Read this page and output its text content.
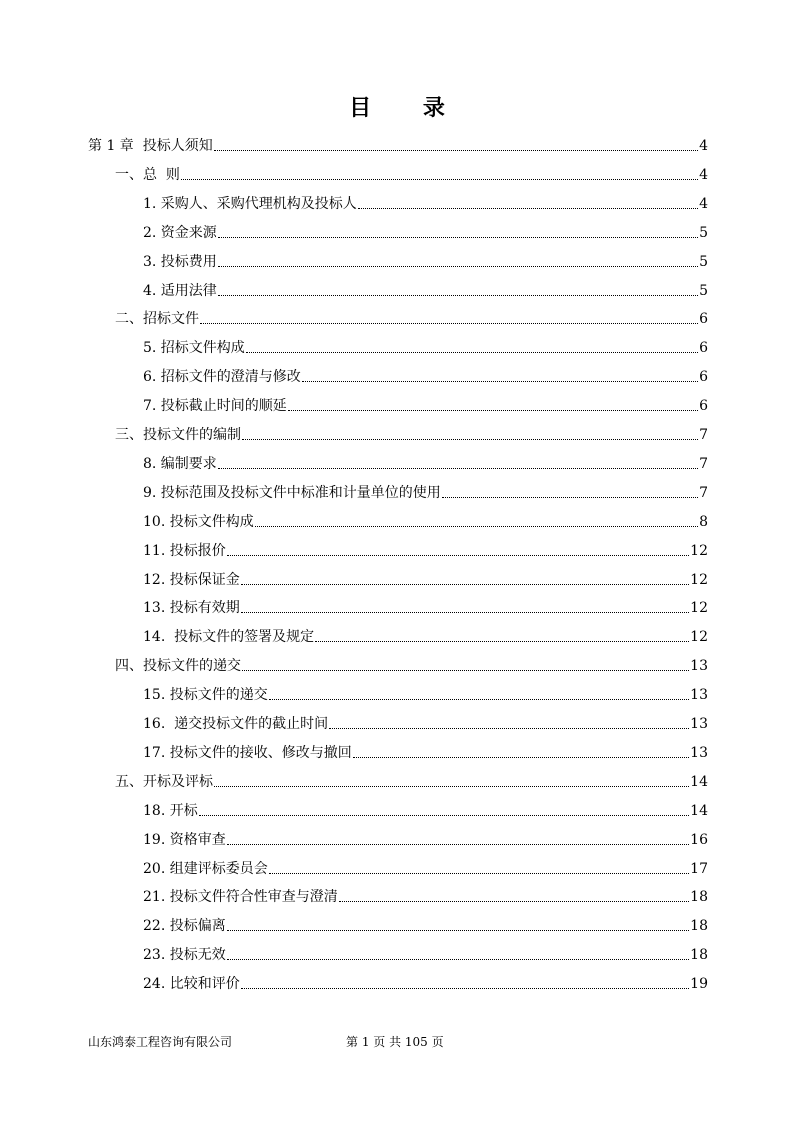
目 录
第 1 章  投标人须知	4
一、总  则	4
1. 采购人、采购代理机构及投标人	4
2. 资金来源	5
3. 投标费用	5
4. 适用法律	5
二、招标文件	6
5. 招标文件构成	6
6. 招标文件的澄清与修改	6
7. 投标截止时间的顺延	6
三、投标文件的编制	7
8. 编制要求	7
9. 投标范围及投标文件中标准和计量单位的使用	7
10. 投标文件构成	8
11. 投标报价	12
12. 投标保证金	12
13. 投标有效期	12
14.  投标文件的签署及规定	12
四、投标文件的递交	13
15. 投标文件的递交	13
16.  递交投标文件的截止时间	13
17. 投标文件的接收、修改与撤回	13
五、开标及评标	14
18. 开标	14
19. 资格审查	16
20. 组建评标委员会	17
21. 投标文件符合性审查与澄清	18
22. 投标偏离	18
23. 投标无效	18
24. 比较和评价	19
山东鸿泰工程咨询有限公司	第 1 页 共 105 页
